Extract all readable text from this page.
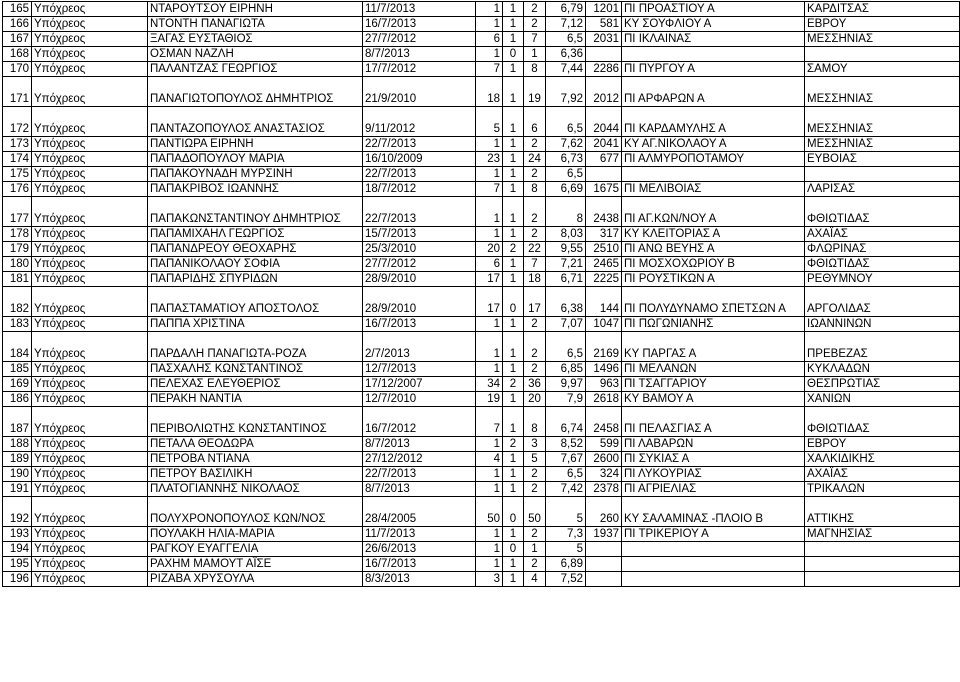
165	Υπόχρεος	ΝΤΑΡΟΥΤΣΟΥ ΕΙΡΗΝΗ	11/7/2013	1	1	2	6,79	1201	ΠΙ ΠΡΟΑΣΤΙΟΥ Α	ΚΑΡΔΙΤΣΑΣ
166	Υπόχρεος	ΝΤΟΝΤΗ ΠΑΝΑΓΙΩΤΑ	16/7/2013	1	1	2	7,12	581	ΚΥ ΣΟΥΦΛΙΟΥ Α	ΕΒΡΟΥ
167	Υπόχρεος	ΞΑΓΑΣ ΕΥΣΤΑΘΙΟΣ	27/7/2012	6	1	7	6,5	2031	ΠΙ ΙΚΛΑΙΝΑΣ	ΜΕΣΣΗΝΙΑΣ
168	Υπόχρεος	ΟΣΜΑΝ ΝΑΖΛΗ	8/7/2013	1	0	1	6,36			
170	Υπόχρεος	ΠΑΛΑΝΤΖΑΣ ΓΕΩΡΓΙΟΣ	17/7/2012	7	1	8	7,44	2286	ΠΙ ΠΥΡΓΟΥ Α	ΣΑΜΟΥ
171	Υπόχρεος	ΠΑΝΑΓΙΩΤΟΠΟΥΛΟΣ ΔΗΜΗΤΡΙΟΣ	21/9/2010	18	1	19	7,92	2012	ΠΙ ΑΡΦΑΡΩΝ Α	ΜΕΣΣΗΝΙΑΣ
172	Υπόχρεος	ΠΑΝΤΑΖΟΠΟΥΛΟΣ ΑΝΑΣΤΑΣΙΟΣ	9/11/2012	5	1	6	6,5	2044	ΠΙ ΚΑΡΔΑΜΥΛΗΣ Α	ΜΕΣΣΗΝΙΑΣ
173	Υπόχρεος	ΠΑΝΤΙΩΡΑ ΕΙΡΗΝΗ	22/7/2013	1	1	2	7,62	2041	ΚΥ ΑΓ.ΝΙΚΟΛΑΟΥ Α	ΜΕΣΣΗΝΙΑΣ
174	Υπόχρεος	ΠΑΠΑΔΟΠΟΥΛΟΥ ΜΑΡΙΑ	16/10/2009	23	1	24	6,73	677	ΠΙ ΑΛΜΥΡΟΠΟΤΑΜΟΥ	ΕΥΒΟΙΑΣ
175	Υπόχρεος	ΠΑΠΑΚΟΥΝΑΔΗ ΜΥΡΣΙΝΗ	22/7/2013	1	1	2	6,5			
176	Υπόχρεος	ΠΑΠΑΚΡΙΒΟΣ ΙΩΑΝΝΗΣ	18/7/2012	7	1	8	6,69	1675	ΠΙ ΜΕΛΙΒΟΙΑΣ	ΛΑΡΙΣΑΣ
177	Υπόχρεος	ΠΑΠΑΚΩΝΣΤΑΝΤΙΝΟΥ ΔΗΜΗΤΡΙΟΣ	22/7/2013	1	1	2	8	2438	ΠΙ ΑΓ.ΚΩΝ/ΝΟΥ Α	ΦΘΙΩΤΙΔΑΣ
178	Υπόχρεος	ΠΑΠΑΜΙΧΑΗΛ ΓΕΩΡΓΙΟΣ	15/7/2013	1	1	2	8,03	317	ΚΥ ΚΛΕΙΤΟΡΙΑΣ Α	ΑΧΑΪΑΣ
179	Υπόχρεος	ΠΑΠΑΝΔΡΕΟΥ ΘΕΟΧΑΡΗΣ	25/3/2010	20	2	22	9,55	2510	ΠΙ ΑΝΩ ΒΕΥΗΣ Α	ΦΛΩΡΙΝΑΣ
180	Υπόχρεος	ΠΑΠΑΝΙΚΟΛΑΟΥ ΣΟΦΙΑ	27/7/2012	6	1	7	7,21	2465	ΠΙ ΜΟΣΧΟΧΩΡΙΟΥ Β	ΦΘΙΩΤΙΔΑΣ
181	Υπόχρεος	ΠΑΠΑΡΙΔΗΣ ΣΠΥΡΙΔΩΝ	28/9/2010	17	1	18	6,71	2225	ΠΙ ΡΟΥΣΤΙΚΩΝ Α	ΡΕΘΥΜΝΟΥ
182	Υπόχρεος	ΠΑΠΑΣΤΑΜΑΤΙΟΥ ΑΠΟΣΤΟΛΟΣ	28/9/2010	17	0	17	6,38	144	ΠΙ ΠΟΛΥΔΥΝΑΜΟ ΣΠΕΤΣΩΝ Α	ΑΡΓΟΛΙΔΑΣ
183	Υπόχρεος	ΠΑΠΠΑ ΧΡΙΣΤΙΝΑ	16/7/2013	1	1	2	7,07	1047	ΠΙ ΠΩΓΩΝΙΑΝΗΣ	ΙΩΑΝΝΙΝΩΝ
184	Υπόχρεος	ΠΑΡΔΑΛΗ ΠΑΝΑΓΙΩΤΑ-ΡΟΖΑ	2/7/2013	1	1	2	6,5	2169	ΚΥ ΠΑΡΓΑΣ Α	ΠΡΕΒΕΖΑΣ
185	Υπόχρεος	ΠΑΣΧΑΛΗΣ ΚΩΝΣΤΑΝΤΙΝΟΣ	12/7/2013	1	1	2	6,85	1496	ΠΙ ΜΕΛΑΝΩΝ	ΚΥΚΛΑΔΩΝ
169	Υπόχρεος	ΠΕΛΕΧΑΣ ΕΛΕΥΘΕΡΙΟΣ	17/12/2007	34	2	36	9,97	963	ΠΙ ΤΣΑΓΓΑΡΙΟΥ	ΘΕΣΠΡΩΤΙΑΣ
186	Υπόχρεος	ΠΕΡΑΚΗ ΝΑΝΤΙΑ	12/7/2010	19	1	20	7,9	2618	ΚΥ ΒΑΜΟΥ Α	ΧΑΝΙΩΝ
187	Υπόχρεος	ΠΕΡΙΒΟΛΙΩΤΗΣ ΚΩΝΣΤΑΝΤΙΝΟΣ	16/7/2012	7	1	8	6,74	2458	ΠΙ ΠΕΛΑΣΓΙΑΣ Α	ΦΘΙΩΤΙΔΑΣ
188	Υπόχρεος	ΠΕΤΑΛΑ ΘΕΟΔΩΡΑ	8/7/2013	1	2	3	8,52	599	ΠΙ ΛΑΒΑΡΩΝ	ΕΒΡΟΥ
189	Υπόχρεος	ΠΕΤΡΟΒΑ ΝΤΙΑΝΑ	27/12/2012	4	1	5	7,67	2600	ΠΙ ΣΥΚΙΑΣ Α	ΧΑΛΚΙΔΙΚΗΣ
190	Υπόχρεος	ΠΕΤΡΟΥ ΒΑΣΙΛΙΚΗ	22/7/2013	1	1	2	6,5	324	ΠΙ ΛΥΚΟΥΡΙΑΣ	ΑΧΑΪΑΣ
191	Υπόχρεος	ΠΛΑΤΟΓΙΑΝΝΗΣ ΝΙΚΟΛΑΟΣ	8/7/2013	1	1	2	7,42	2378	ΠΙ ΑΓΡΙΕΛΙΑΣ	ΤΡΙΚΑΛΩΝ
192	Υπόχρεος	ΠΟΛΥΧΡΟΝΟΠΟΥΛΟΣ ΚΩΝ/ΝΟΣ	28/4/2005	50	0	50	5	260	ΚΥ ΣΑΛΑΜΙΝΑΣ -ΠΛΟΙΟ Β	ΑΤΤΙΚΗΣ
193	Υπόχρεος	ΠΟΥΛΑΚΗ ΗΛΙΑ-ΜΑΡΙΑ	11/7/2013	1	1	2	7,3	1937	ΠΙ ΤΡΙΚΕΡΙΟΥ Α	ΜΑΓΝΗΣΙΑΣ
194	Υπόχρεος	ΡΑΓΚΟΥ ΕΥΑΓΓΕΛΙΑ	26/6/2013	1	0	1	5			
195	Υπόχρεος	ΡΑΧΗΜ ΜΑΜΟΥΤ ΑΪΣΕ	16/7/2013	1	1	2	6,89			
196	Υπόχρεος	ΡΙΖΑΒΑ ΧΡΥΣΟΥΛΑ	8/3/2013	3	1	4	7,52			
